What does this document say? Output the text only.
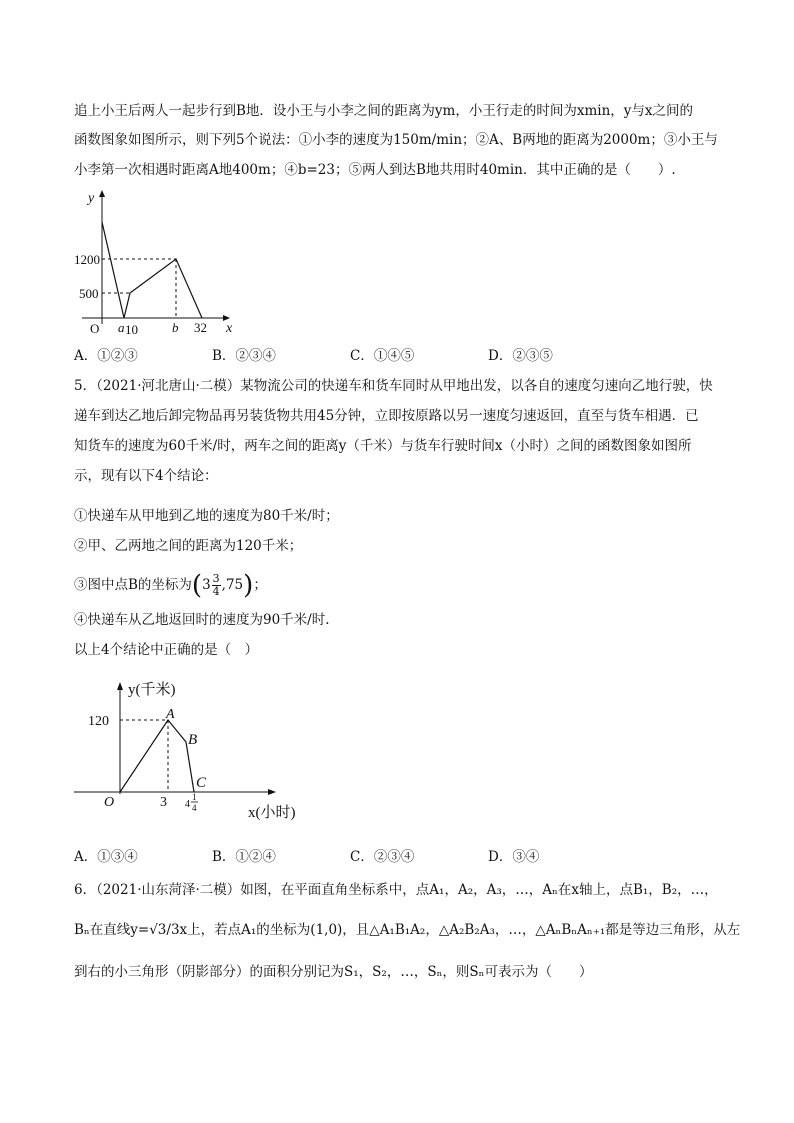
追上小王后两人一起步行到B地．设小王与小李之间的距离为ym，小王行走的时间为xmin，y与x之间的
函数图象如图所示，则下列5个说法：①小李的速度为150m/min；②A、B两地的距离为2000m；③小王与
小李第一次相遇时距离A地400m；④b=23；⑤两人到达B地共用时40min．其中正确的是（　　）.
y
1200
500
O a 10	b 32 x
A．①②③	B．②③④	C．①④⑤	D．②③⑤
5．（2021·河北唐山·二模）某物流公司的快递车和货车同时从甲地出发，以各自的速度匀速向乙地行驶，快
递车到达乙地后卸完物品再另装货物共用45分钟，立即按原路以另一速度匀速返回，直至与货车相遇．已
知货车的速度为60千米/时，两车之间的距离y（千米）与货车行驶时间x（小时）之间的函数图象如图所
示，现有以下4个结论：
①快递车从甲地到乙地的速度为80千米/时；
②甲、乙两地之间的距离为120千米；
③图中点B的坐标为$(3 \frac{3}{4} ,75)$；
④快递车从乙地返回时的速度为90千米/时.
以上4个结论中正确的是（　）
y(千米)
120
O
A
B
C
3 4
1
4	x(小时)
A．①③④	B．①②④	C．②③④	D．③④
6．（2021·山东菏泽·二模）如图，在平面直角坐标系中，点A₁，A₂，A₃，…，Aₙ在x轴上，点B₁，B₂，…，
Bₙ在直线y=√3/3x上，若点A₁的坐标为(1,0)，且△A₁B₁A₂，△A₂B₂A₃，…，△AₙBₙAₙ₊₁都是等边三角形，从左
到右的小三角形（阴影部分）的面积分别记为S₁，S₂，…，Sₙ，则Sₙ可表示为（　　）
